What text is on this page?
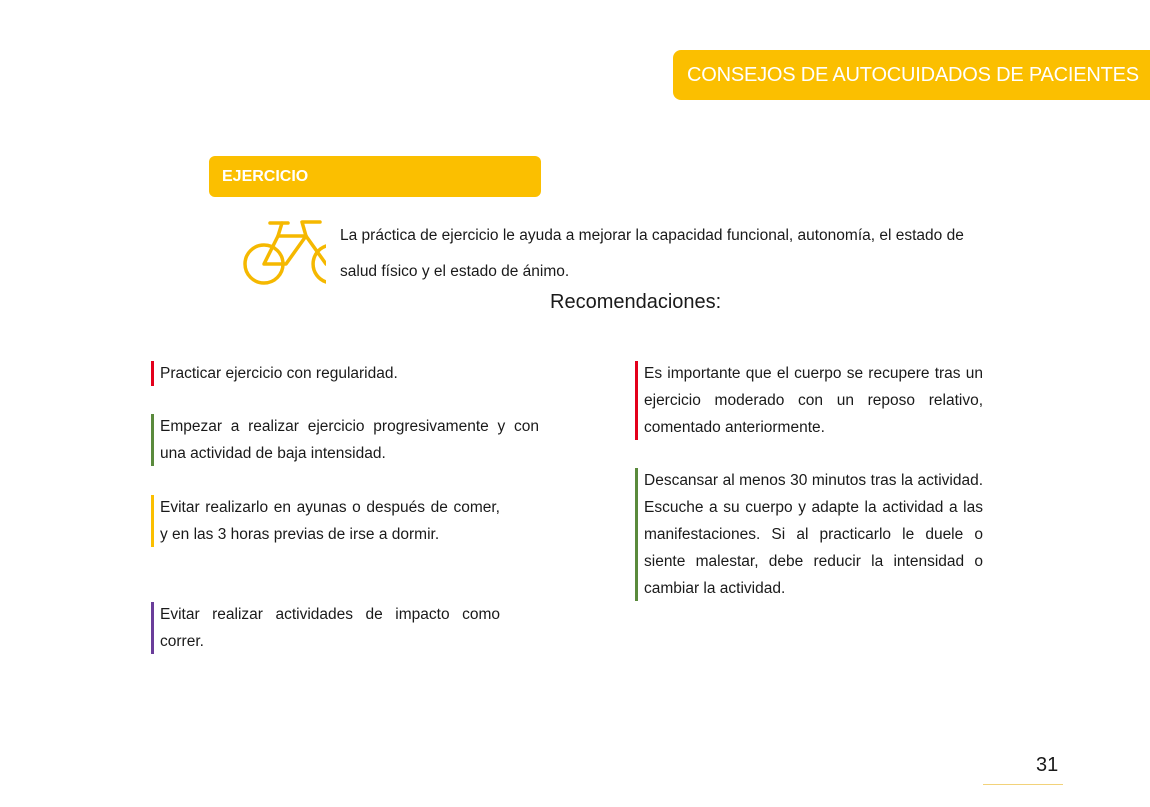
CONSEJOS DE AUTOCUIDADOS DE PACIENTES
EJERCICIO

La práctica de ejercicio le ayuda a mejorar la capacidad funcional, autonomía, el estado de salud físico y el estado de ánimo.

Recomendaciones:
Practicar ejercicio con regularidad.
Empezar a realizar ejercicio progresivamente y con una actividad de baja intensidad.
Evitar realizarlo en ayunas o después de comer, y en las 3 horas previas de irse a dormir.
Evitar realizar actividades de impacto como correr.
Es importante que el cuerpo se recupere tras un ejercicio moderado con un reposo relativo, comentado anteriormente.
Descansar al menos 30 minutos tras la actividad. Escuche a su cuerpo y adapte la actividad a las manifestaciones. Si al practicarlo le duele o siente malestar, debe reducir la intensidad o cambiar la actividad.
31
